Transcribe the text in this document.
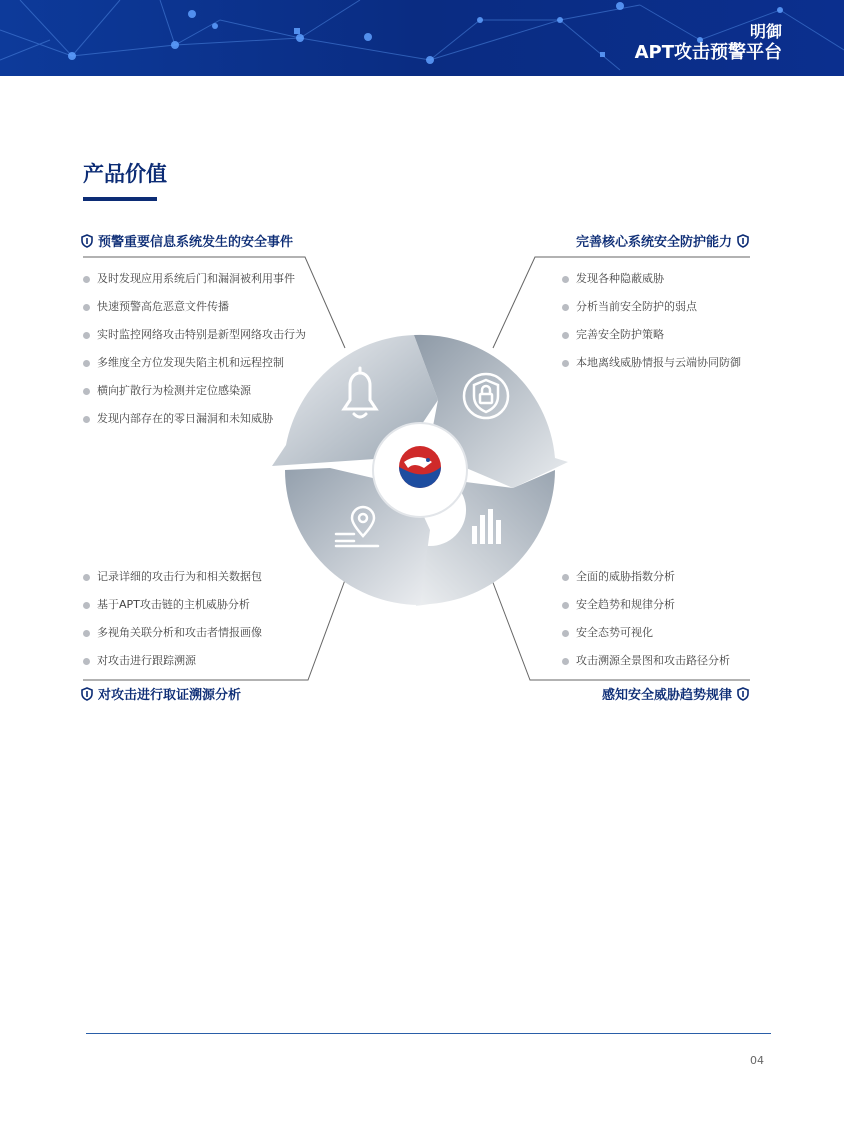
明御
APT攻击预警平台
产品价值
预警重要信息系统发生的安全事件
及时发现应用系统后门和漏洞被利用事件
快速预警高危恶意文件传播
实时监控网络攻击特别是新型网络攻击行为
多维度全方位发现失陷主机和远程控制
横向扩散行为检测并定位感染源
发现内部存在的零日漏洞和未知威胁
完善核心系统安全防护能力
发现各种隐蔽威胁
分析当前安全防护的弱点
完善安全防护策略
本地离线威胁情报与云端协同防御
记录详细的攻击行为和相关数据包
基于APT攻击链的主机威胁分析
多视角关联分析和攻击者情报画像
对攻击进行跟踪溯源
对攻击进行取证溯源分析
全面的威胁指数分析
安全趋势和规律分析
安全态势可视化
攻击溯源全景图和攻击路径分析
感知安全威胁趋势规律
04
